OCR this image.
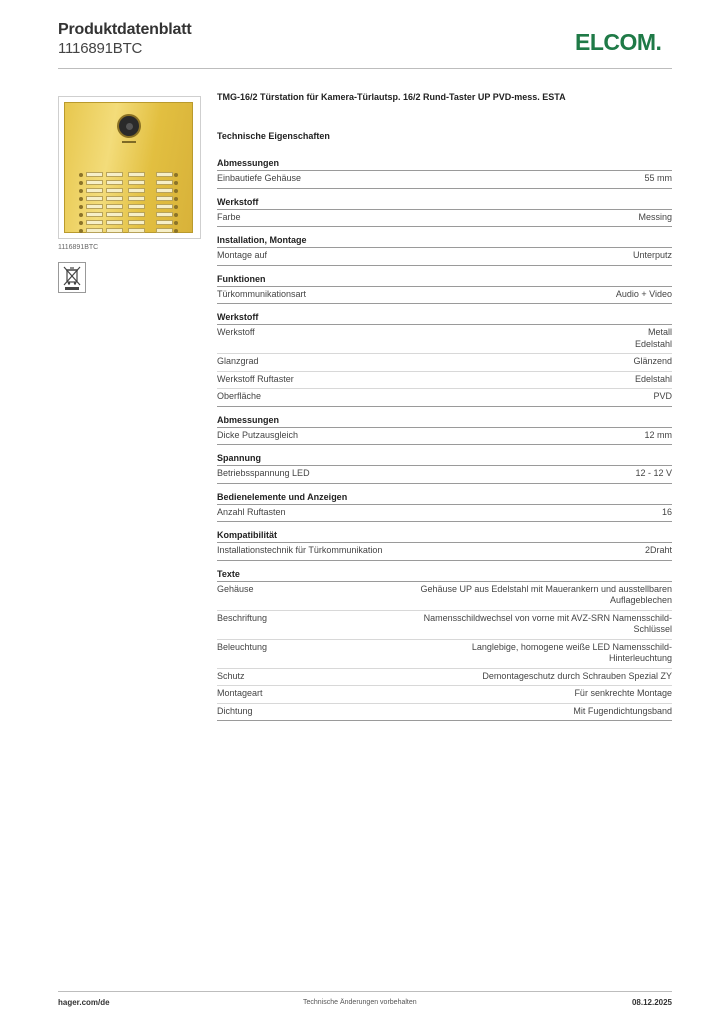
Produktdatenblatt
1116891BTC	ELCOM.
1116891BTC
TMG-16/2 Türstation für Kamera-Türlautsp. 16/2 Rund-Taster UP PVD-mess. ESTA
Technische Eigenschaften
Abmessungen
Einbautiefe Gehäuse	55 mm
Werkstoff
Farbe	Messing
Installation, Montage
Montage auf	Unterputz
Funktionen
Türkommunikationsart	Audio + Video
Werkstoff
Werkstoff	Metall
Edelstahl
Glanzgrad	Glänzend
Werkstoff Ruftaster	Edelstahl
Oberfläche	PVD
Abmessungen
Dicke Putzausgleich	12 mm
Spannung
Betriebsspannung LED	12 - 12 V
Bedienelemente und Anzeigen
Anzahl Ruftasten	16
Kompatibilität
Installationstechnik für Türkommunikation	2Draht
Texte
Gehäuse	Gehäuse UP aus Edelstahl mit Mauerankern und ausstellbaren
Auflageblechen
Beschriftung	Namensschildwechsel von vorne mit AVZ-SRN Namensschild-
Schlüssel
Beleuchtung	Langlebige, homogene weiße LED Namensschild-
Hinterleuchtung
Schutz	Demontageschutz durch Schrauben Spezial ZY
Montageart	Für senkrechte Montage
Dichtung	Mit Fugendichtungsband
hager.com/de	Technische Änderungen vorbehalten	08.12.2025
